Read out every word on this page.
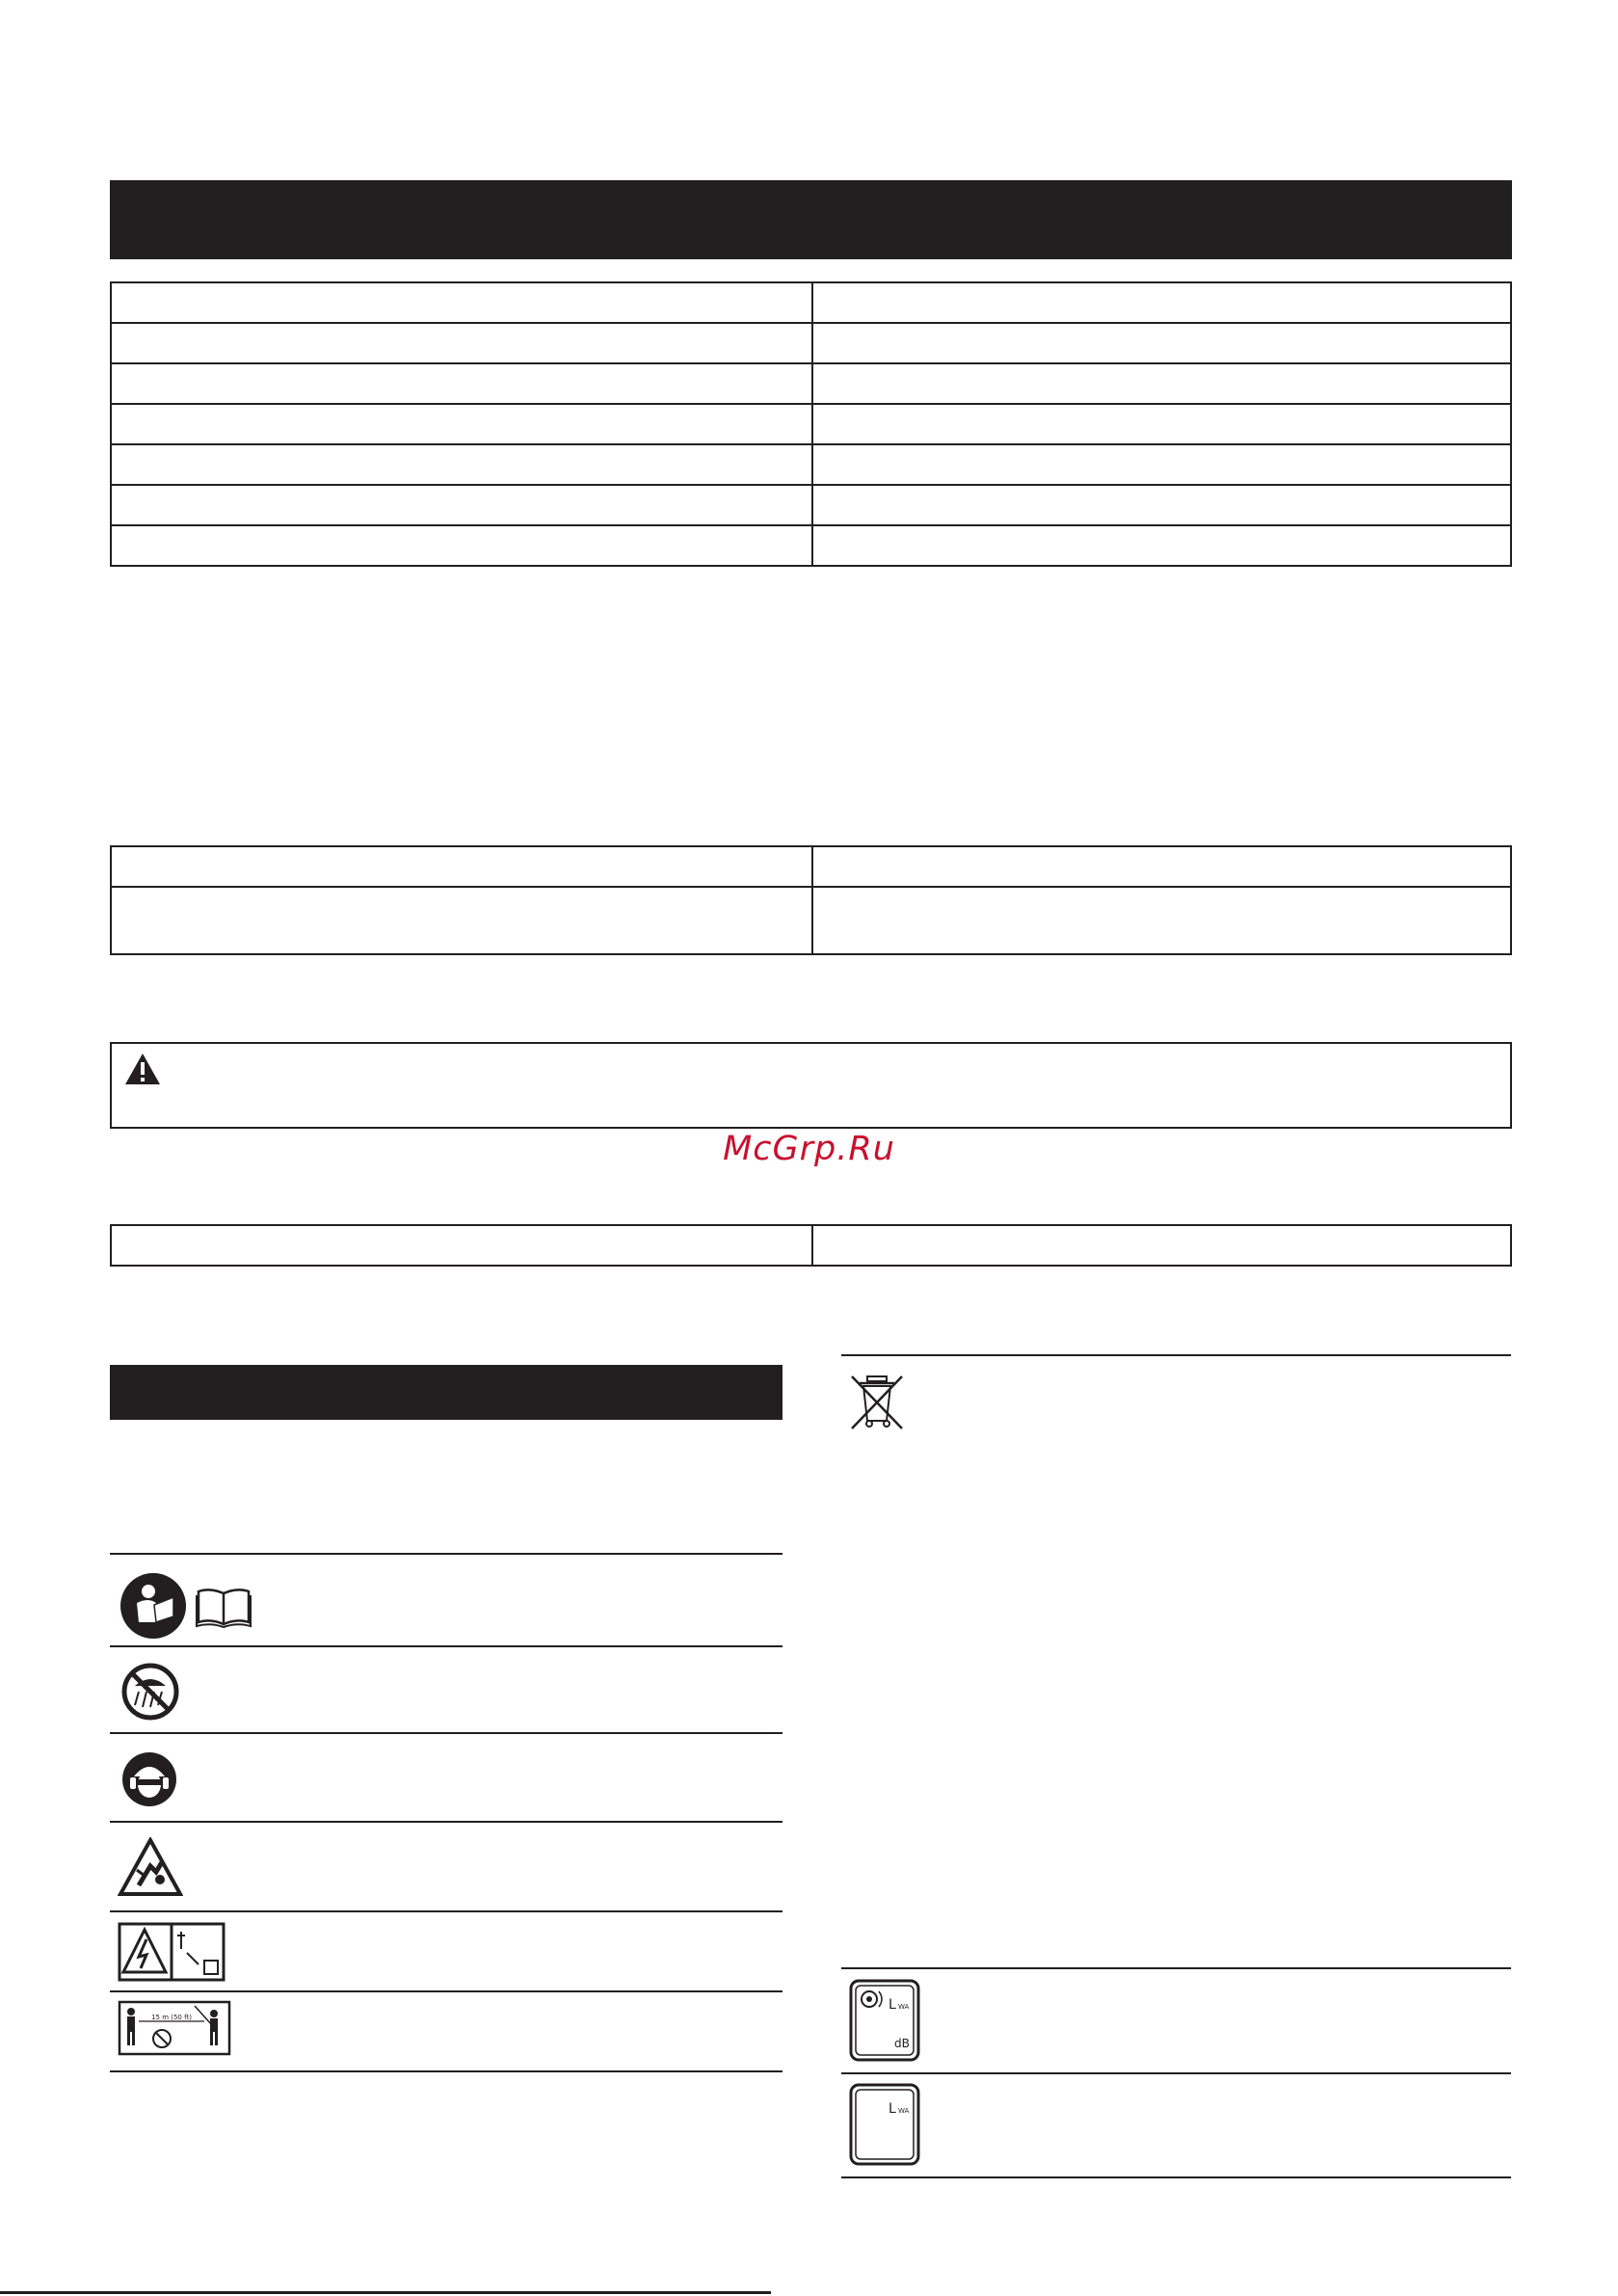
McGrp.Ru

15 m (50 ft)
L WA
dB
L WA
